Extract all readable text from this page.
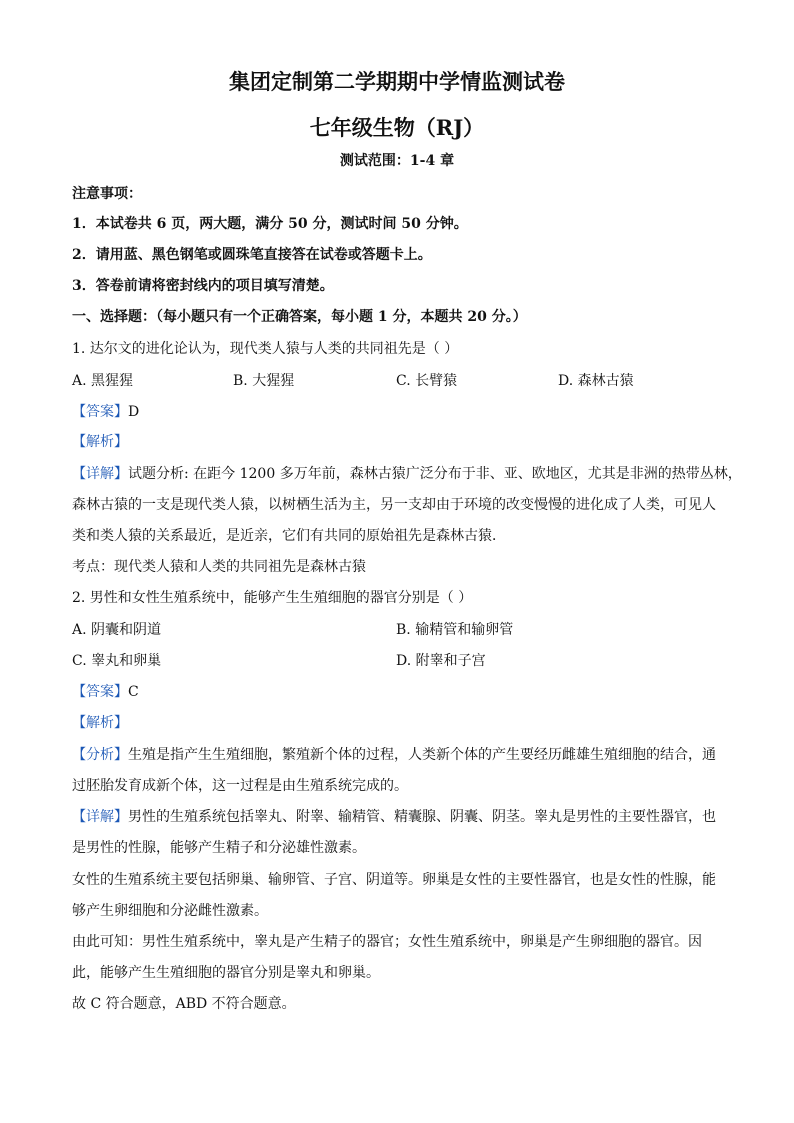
集团定制第二学期期中学情监测试卷
七年级生物（RJ）
测试范围：1-4 章
注意事项：
1．本试卷共 6 页，两大题，满分 50 分，测试时间 50 分钟。
2．请用蓝、黑色钢笔或圆珠笔直接答在试卷或答题卡上。
3．答卷前请将密封线内的项目填写清楚。
一、选择题：（每小题只有一个正确答案，每小题 1 分，本题共 20 分。）
1. 达尔文的进化论认为，现代类人猿与人类的共同祖先是（ ）
A. 黑猩猩	B. 大猩猩	C. 长臂猿	D. 森林古猿
【答案】D
【解析】
【详解】试题分析: 在距今 1200 多万年前，森林古猿广泛分布于非、亚、欧地区，尤其是非洲的热带丛林，
森林古猿的一支是现代类人猿，以树栖生活为主，另一支却由于环境的改变慢慢的进化成了人类，可见人
类和类人猿的关系最近，是近亲，它们有共同的原始祖先是森林古猿．
考点：现代类人猿和人类的共同祖先是森林古猿
2. 男性和女性生殖系统中，能够产生生殖细胞的器官分别是（ ）
A. 阴囊和阴道	B. 输精管和输卵管
C. 睾丸和卵巢	D. 附睾和子宫
【答案】C
【解析】
【分析】生殖是指产生生殖细胞，繁殖新个体的过程，人类新个体的产生要经历雌雄生殖细胞的结合，通
过胚胎发育成新个体，这一过程是由生殖系统完成的。
【详解】男性的生殖系统包括睾丸、附睾、输精管、精囊腺、阴囊、阴茎。睾丸是男性的主要性器官，也
是男性的性腺，能够产生精子和分泌雄性激素。
女性的生殖系统主要包括卵巢、输卵管、子宫、阴道等。卵巢是女性的主要性器官，也是女性的性腺，能
够产生卵细胞和分泌雌性激素。
由此可知：男性生殖系统中，睾丸是产生精子的器官；女性生殖系统中，卵巢是产生卵细胞的器官。因
此，能够产生生殖细胞的器官分别是睾丸和卵巢。
故 C 符合题意，ABD 不符合题意。
